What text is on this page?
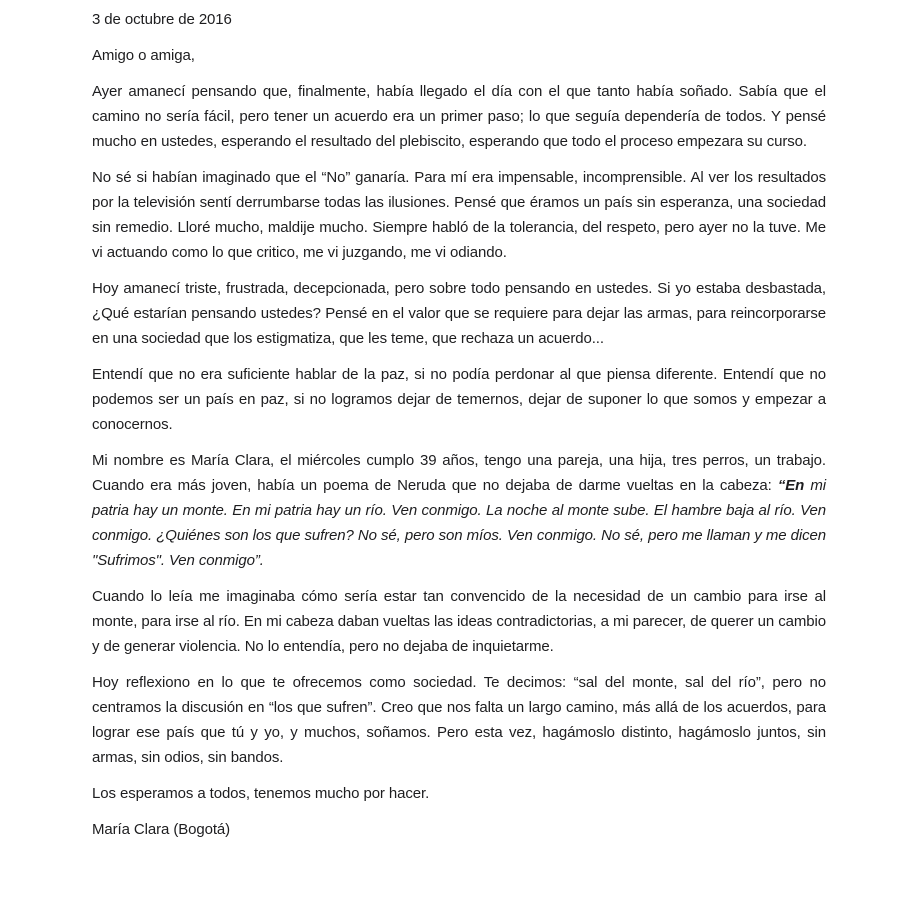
3 de octubre de 2016
Amigo o amiga,

Ayer amanecí pensando que, finalmente, había llegado el día con el que tanto había soñado. Sabía que el camino no sería fácil, pero tener un acuerdo era un primer paso; lo que seguía dependería de todos. Y pensé mucho en ustedes, esperando el resultado del plebiscito, esperando que todo el proceso empezara su curso.

No sé si habían imaginado que el “No” ganaría. Para mí era impensable, incomprensible. Al ver los resultados por la televisión sentí derrumbarse todas las ilusiones. Pensé que éramos un país sin esperanza, una sociedad sin remedio. Lloré mucho, maldije mucho. Siempre habló de la tolerancia, del respeto, pero ayer no la tuve. Me vi actuando como lo que critico, me vi juzgando, me vi odiando.

Hoy amanecí triste, frustrada, decepcionada, pero sobre todo pensando en ustedes. Si yo estaba desbastada, ¿Qué estarían pensando ustedes? Pensé en el valor que se requiere para dejar las armas, para reincorporarse en una sociedad que los estigmatiza, que les teme, que rechaza un acuerdo...

Entendí que no era suficiente hablar de la paz, si no podía perdonar al que piensa diferente. Entendí que no podemos ser un país en paz, si no logramos dejar de temernos, dejar de suponer lo que somos y empezar a conocernos.

Mi nombre es María Clara, el miércoles cumplo 39 años, tengo una pareja, una hija, tres perros, un trabajo. Cuando era más joven, había un poema de Neruda que no dejaba de darme vueltas en la cabeza: “En mi patria hay un monte. En mi patria hay un río. Ven conmigo. La noche al monte sube. El hambre baja al río. Ven conmigo. ¿Quiénes son los que sufren? No sé, pero son míos. Ven conmigo. No sé, pero me llaman y me dicen "Sufrimos". Ven conmigo”.

Cuando lo leía me imaginaba cómo sería estar tan convencido de la necesidad de un cambio para irse al monte, para irse al río. En mi cabeza daban vueltas las ideas contradictorias, a mi parecer, de querer un cambio y de generar violencia. No lo entendía, pero no dejaba de inquietarme.

Hoy reflexiono en lo que te ofrecemos como sociedad. Te decimos: “sal del monte, sal del río”, pero no centramos la discusión en “los que sufren”. Creo que nos falta un largo camino, más allá de los acuerdos, para lograr ese país que tú y yo, y muchos, soñamos. Pero esta vez, hagámoslo distinto, hagámoslo juntos, sin armas, sin odios, sin bandos.

Los esperamos a todos, tenemos mucho por hacer.

María Clara (Bogotá)
